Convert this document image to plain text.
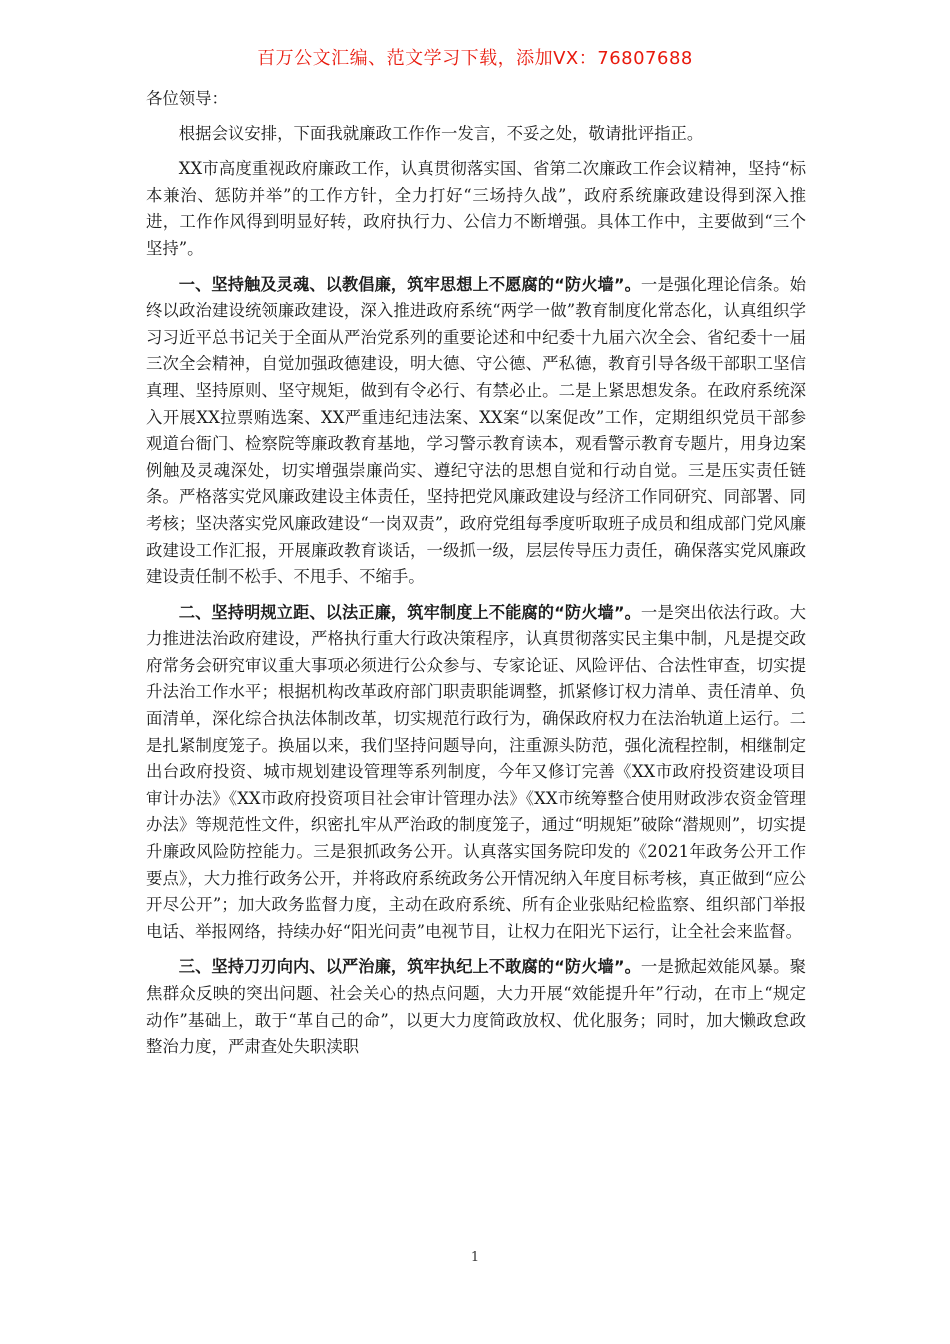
百万公文汇编、范文学习下载，添加VX：76807688

各位领导：

根据会议安排，下面我就廉政工作作一发言，不妥之处，敬请批评指正。

XX市高度重视政府廉政工作，认真贯彻落实国、省第二次廉政工作会议精神，坚持“标本兼治、惩防并举”的工作方针，全力打好“三场持久战”，政府系统廉政建设得到深入推进，工作作风得到明显好转，政府执行力、公信力不断增强。具体工作中，主要做到“三个坚持”。

一、坚持触及灵魂、以教倡廉，筑牢思想上不愿腐的“防火墙”。一是强化理论信条。始终以政治建设统领廉政建设，深入推进政府系统“两学一做”教育制度化常态化，认真组织学习习近平总书记关于全面从严治党系列的重要论述和中纪委十九届六次全会、省纪委十一届三次全会精神，自觉加强政德建设，明大德、守公德、严私德，教育引导各级干部职工坚信真理、坚持原则、坚守规矩，做到有令必行、有禁必止。二是上紧思想发条。在政府系统深入开展XX拉票贿选案、XX严重违纪违法案、XX案“以案促改”工作，定期组织党员干部参观道台衙门、检察院等廉政教育基地，学习警示教育读本，观看警示教育专题片，用身边案例触及灵魂深处，切实增强崇廉尚实、遵纪守法的思想自觉和行动自觉。三是压实责任链条。严格落实党风廉政建设主体责任，坚持把党风廉政建设与经济工作同研究、同部署、同考核；坚决落实党风廉政建设“一岗双责”，政府党组每季度听取班子成员和组成部门党风廉政建设工作汇报，开展廉政教育谈话，一级抓一级，层层传导压力责任，确保落实党风廉政建设责任制不松手、不甩手、不缩手。

二、坚持明规立距、以法正廉，筑牢制度上不能腐的“防火墙”。一是突出依法行政。大力推进法治政府建设，严格执行重大行政决策程序，认真贯彻落实民主集中制，凡是提交政府常务会研究审议重大事项必须进行公众参与、专家论证、风险评估、合法性审查，切实提升法治工作水平；根据机构改革政府部门职责职能调整，抓紧修订权力清单、责任清单、负面清单，深化综合执法体制改革，切实规范行政行为，确保政府权力在法治轨道上运行。二是扎紧制度笼子。换届以来，我们坚持问题导向，注重源头防范，强化流程控制，相继制定出台政府投资、城市规划建设管理等系列制度，今年又修订完善《XX市政府投资建设项目审计办法》《XX市政府投资项目社会审计管理办法》《XX市统筹整合使用财政涉农资金管理办法》等规范性文件，织密扎牢从严治政的制度笼子，通过“明规矩”破除“潜规则”，切实提升廉政风险防控能力。三是狠抓政务公开。认真落实国务院印发的《2021年政务公开工作要点》，大力推行政务公开，并将政府系统政务公开情况纳入年度目标考核，真正做到“应公开尽公开”；加大政务监督力度，主动在政府系统、所有企业张贴纪检监察、组织部门举报电话、举报网络，持续办好“阳光问责”电视节目，让权力在阳光下运行，让全社会来监督。

三、坚持刀刃向内、以严治廉，筑牢执纪上不敢腐的“防火墙”。一是掀起效能风暴。聚焦群众反映的突出问题、社会关心的热点问题，大力开展“效能提升年”行动，在市上“规定动作”基础上，敢于“革自己的命”，以更大力度简政放权、优化服务；同时，加大懒政怠政整治力度，严肃查处失职渎职

1
